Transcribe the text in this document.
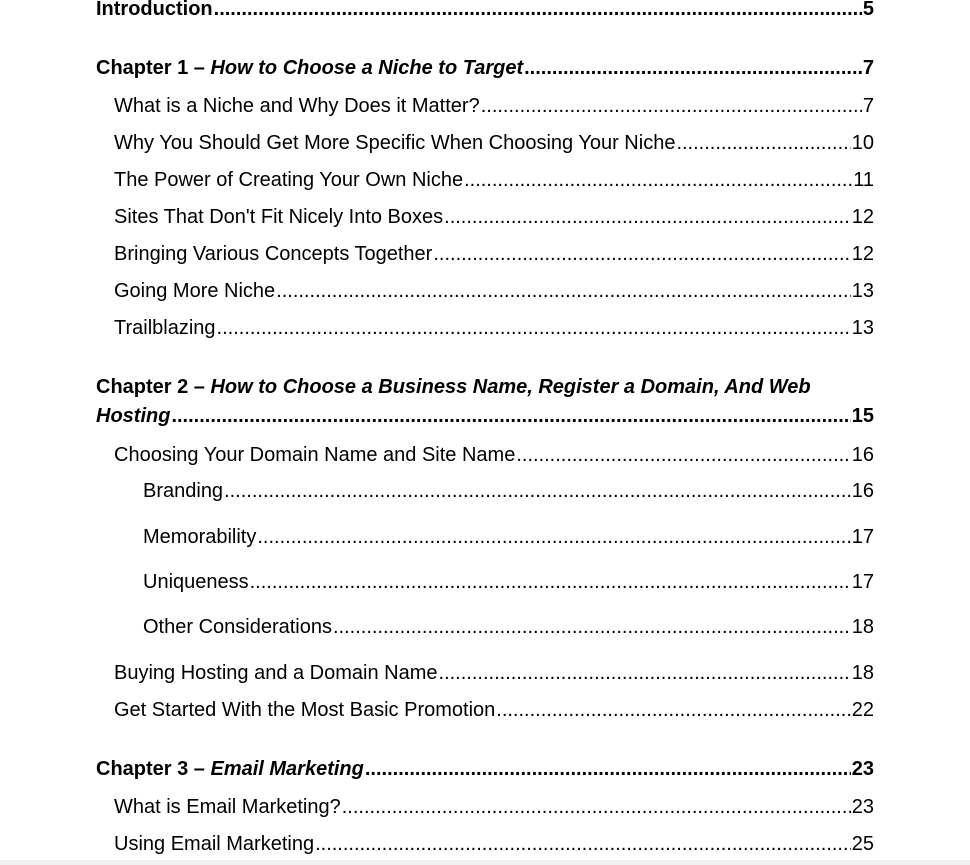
Introduction .....	5
Chapter 1 – How to Choose a Niche to Target .....	7
What is a Niche and Why Does it Matter? .....	7
Why You Should Get More Specific When Choosing Your Niche .....	10
The Power of Creating Your Own Niche .....	11
Sites That Don't Fit Nicely Into Boxes .....	12
Bringing Various Concepts Together .....	12
Going More Niche .....	13
Trailblazing .....	13
Chapter 2 – How to Choose a Business Name, Register a Domain, And Web
Hosting .....	15
Choosing Your Domain Name and Site Name .....	16
Branding .....	16
Memorability .....	17
Uniqueness .....	17
Other Considerations .....	18
Buying Hosting and a Domain Name .....	18
Get Started With the Most Basic Promotion .....	22
Chapter 3 – Email Marketing .....	23
What is Email Marketing? .....	23
Using Email Marketing .....	25
